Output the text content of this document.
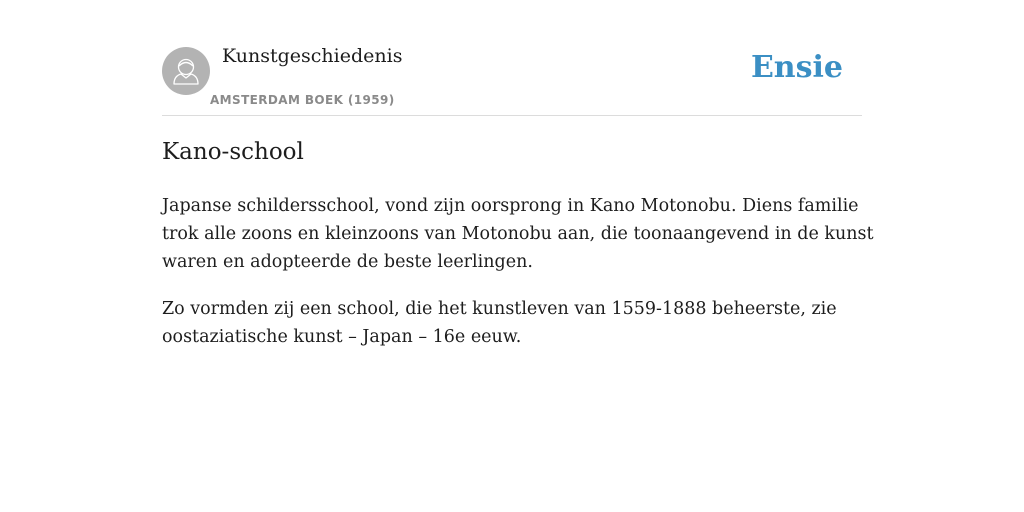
Kunstgeschiedenis
AMSTERDAM BOEK (1959)
Ensie
Kano-school

Japanse schildersschool, vond zijn oorsprong in Kano Motonobu. Diens familie
trok alle zoons en kleinzoons van Motonobu aan, die toonaangevend in de kunst
waren en adopteerde de beste leerlingen.

Zo vormden zij een school, die het kunstleven van 1559-1888 beheerste, zie
oostaziatische kunst – Japan – 16e eeuw.
